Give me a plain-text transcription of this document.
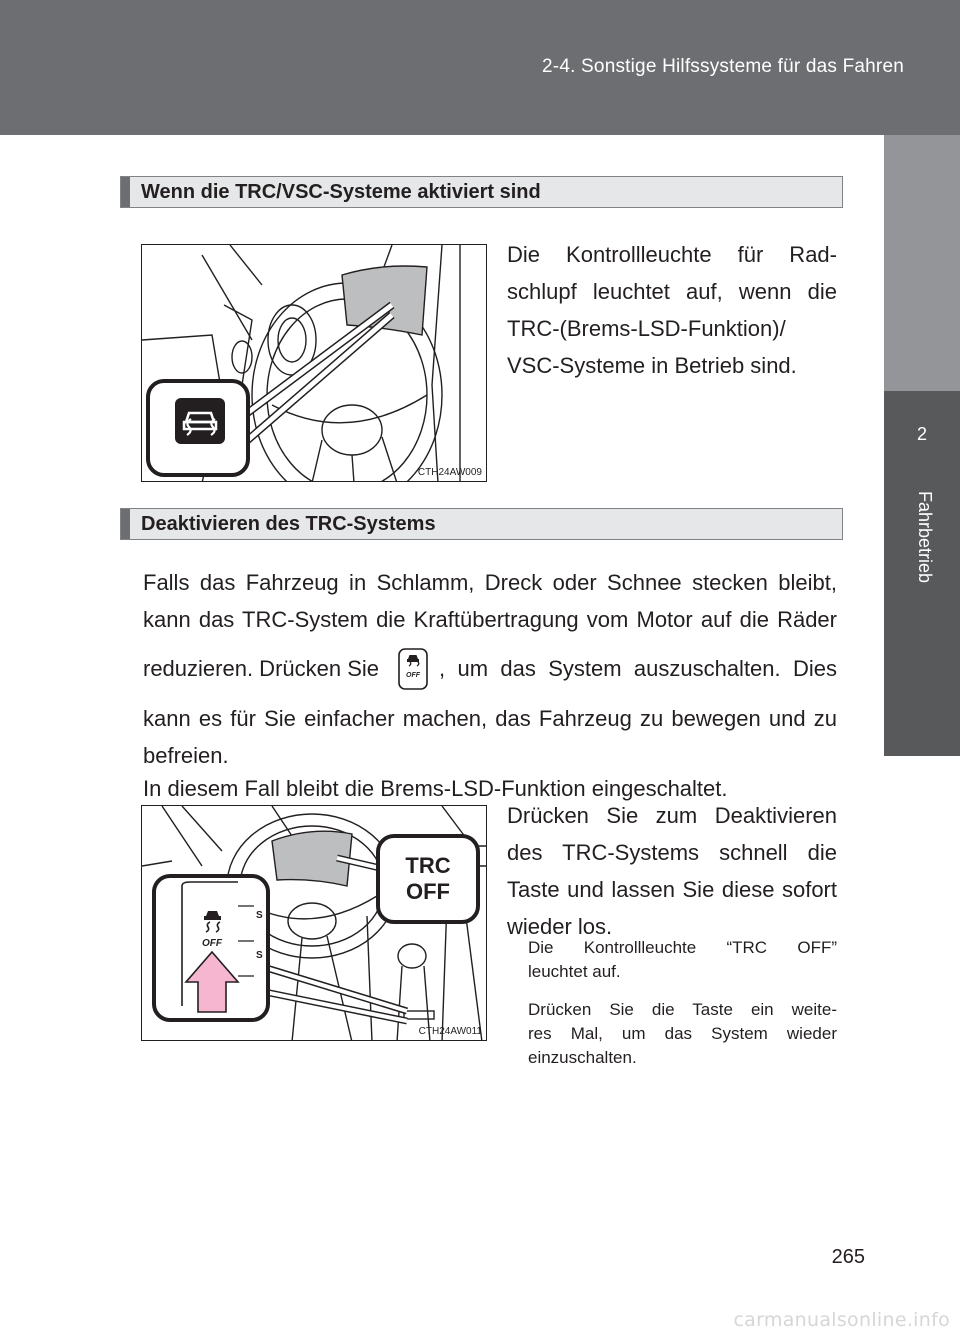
2-4. Sonstige Hilfssysteme für das Fahren
2
Fahrbetrieb
Wenn die TRC/VSC-Systeme aktiviert sind
CTH24AW009
Die Kontrollleuchte für Rad-
schlupf leuchtet auf, wenn die
TRC-(Brems-LSD-Funktion)/
VSC-Systeme in Betrieb sind.
Deaktivieren des TRC-Systems
Falls das Fahrzeug in Schlamm, Dreck oder Schnee stecken bleibt,
kann das TRC-System die Kraftübertragung vom Motor auf die Räder
reduzieren. Drücken Sie	OFF , um das System auszuschalten. Dies
kann es für Sie einfacher machen, das Fahrzeug zu bewegen und zu
befreien.
In diesem Fall bleibt die Brems-LSD-Funktion eingeschaltet.
TRC
OFF
S
S
OFF
CTH24AW011
Drücken Sie zum Deaktivieren
des TRC-Systems schnell die
Taste und lassen Sie diese sofort
wieder los.
Die Kontrollleuchte “TRC OFF”
leuchtet auf.
Drücken Sie die Taste ein weite-
res Mal, um das System wieder
einzuschalten.
265
carmanualsonline.info
